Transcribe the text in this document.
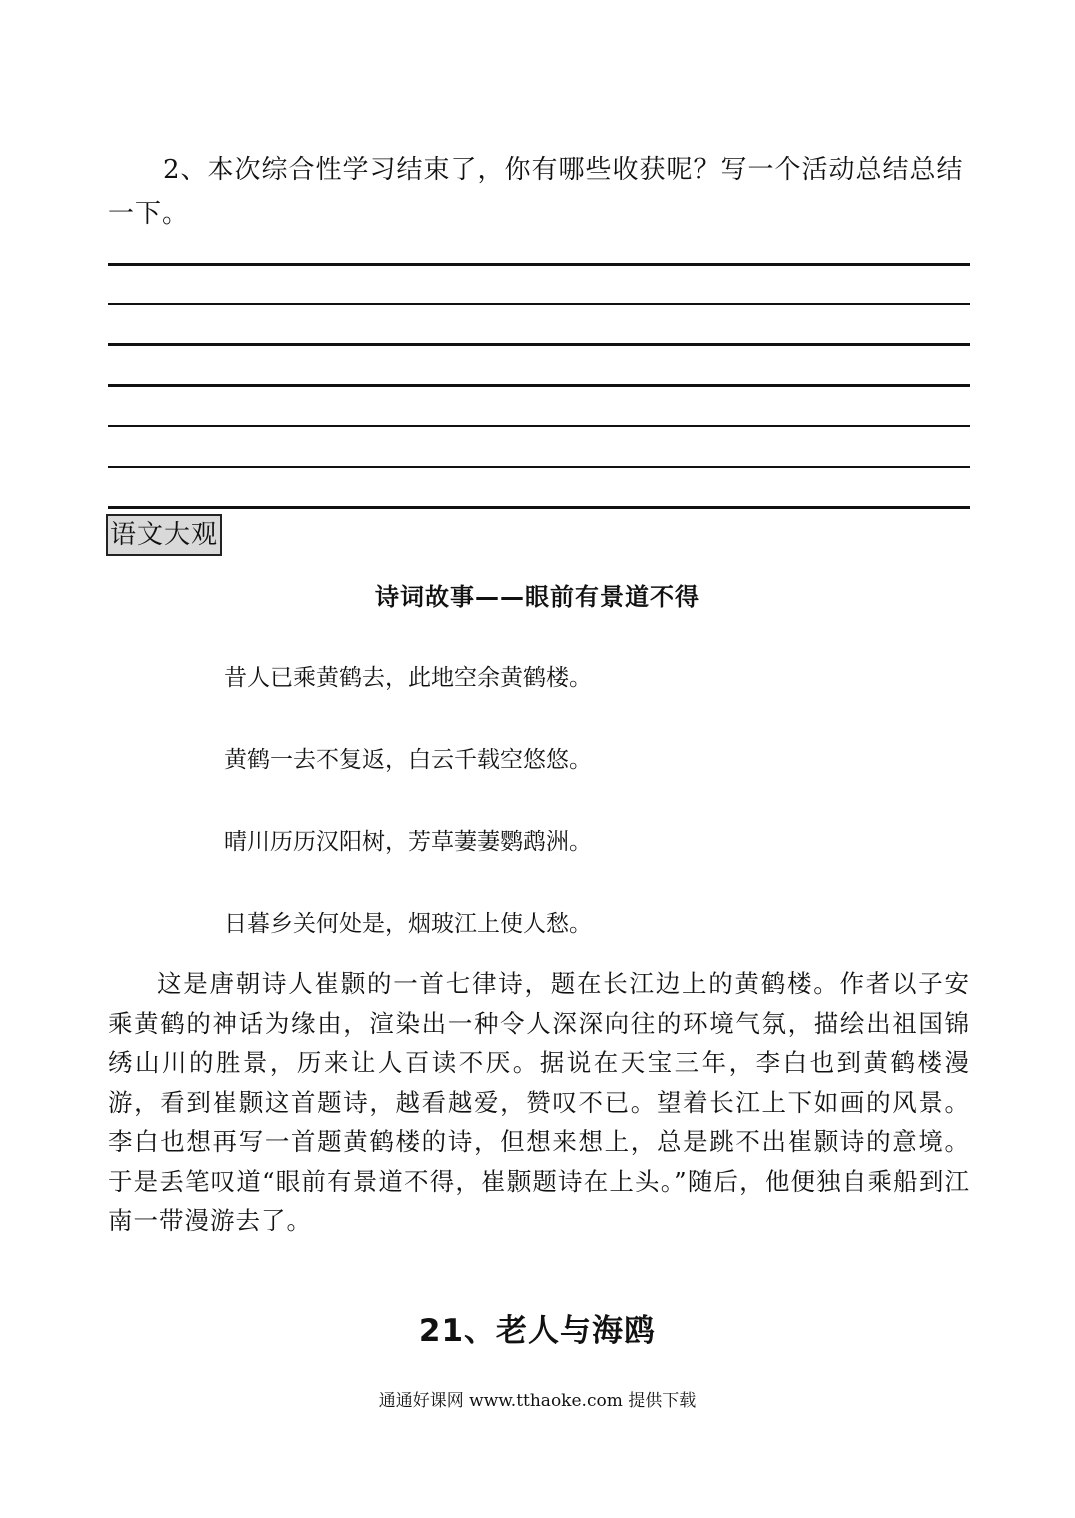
2、本次综合性学习结束了，你有哪些收获呢？写一个活动总结总结一下。

语文大观
诗词故事——眼前有景道不得

昔人已乘黄鹤去，此地空余黄鹤楼。

黄鹤一去不复返，白云千载空悠悠。

晴川历历汉阳树，芳草萋萋鹦鹉洲。

日暮乡关何处是，烟玻江上使人愁。

这是唐朝诗人崔颢的一首七律诗，题在长江边上的黄鹤楼。作者以子安乘黄鹤的神话为缘由，渲染出一种令人深深向往的环境气氛，描绘出祖国锦绣山川的胜景，历来让人百读不厌。据说在天宝三年，李白也到黄鹤楼漫游，看到崔颢这首题诗，越看越爱，赞叹不已。望着长江上下如画的风景。李白也想再写一首题黄鹤楼的诗，但想来想上，总是跳不出崔颢诗的意境。于是丢笔叹道“眼前有景道不得，崔颢题诗在上头。”随后，他便独自乘船到江南一带漫游去了。

21、老人与海鸥
通通好课网 www.tthaoke.com 提供下载
